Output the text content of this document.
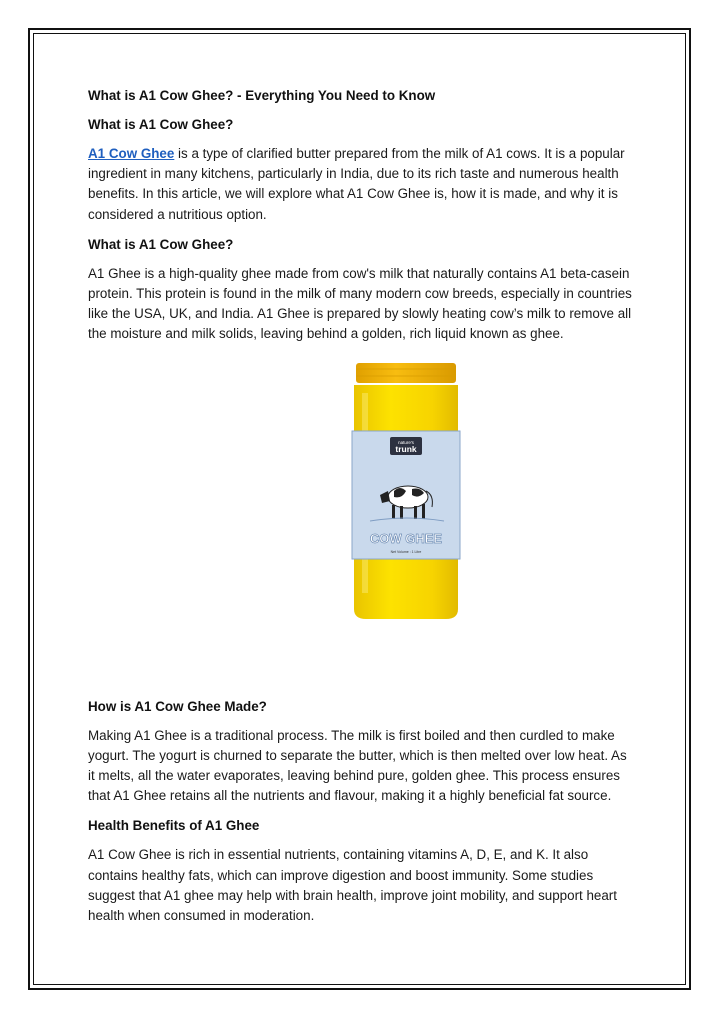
What is A1 Cow Ghee? - Everything You Need to Know
What is A1 Cow Ghee?

A1 Cow Ghee is a type of clarified butter prepared from the milk of A1 cows. It is a popular ingredient in many kitchens, particularly in India, due to its rich taste and numerous health benefits. In this article, we will explore what A1 Cow Ghee is, how it is made, and why it is considered a nutritious option.

What is A1 Cow Ghee?

A1 Ghee is a high-quality ghee made from cow's milk that naturally contains A1 beta-casein protein. This protein is found in the milk of many modern cow breeds, especially in countries like the USA, UK, and India. A1 Ghee is prepared by slowly heating cow’s milk to remove all the moisture and milk solids, leaving behind a golden, rich liquid known as ghee.

nature's
trunk
COW GHEE
Net Volume : 1 Litre
How is A1 Cow Ghee Made?

Making A1 Ghee is a traditional process. The milk is first boiled and then curdled to make yogurt. The yogurt is churned to separate the butter, which is then melted over low heat. As it melts, all the water evaporates, leaving behind pure, golden ghee. This process ensures that A1 Ghee retains all the nutrients and flavour, making it a highly beneficial fat source.

Health Benefits of A1 Ghee

A1 Cow Ghee is rich in essential nutrients, containing vitamins A, D, E, and K. It also contains healthy fats, which can improve digestion and boost immunity. Some studies suggest that A1 ghee may help with brain health, improve joint mobility, and support heart health when consumed in moderation.
